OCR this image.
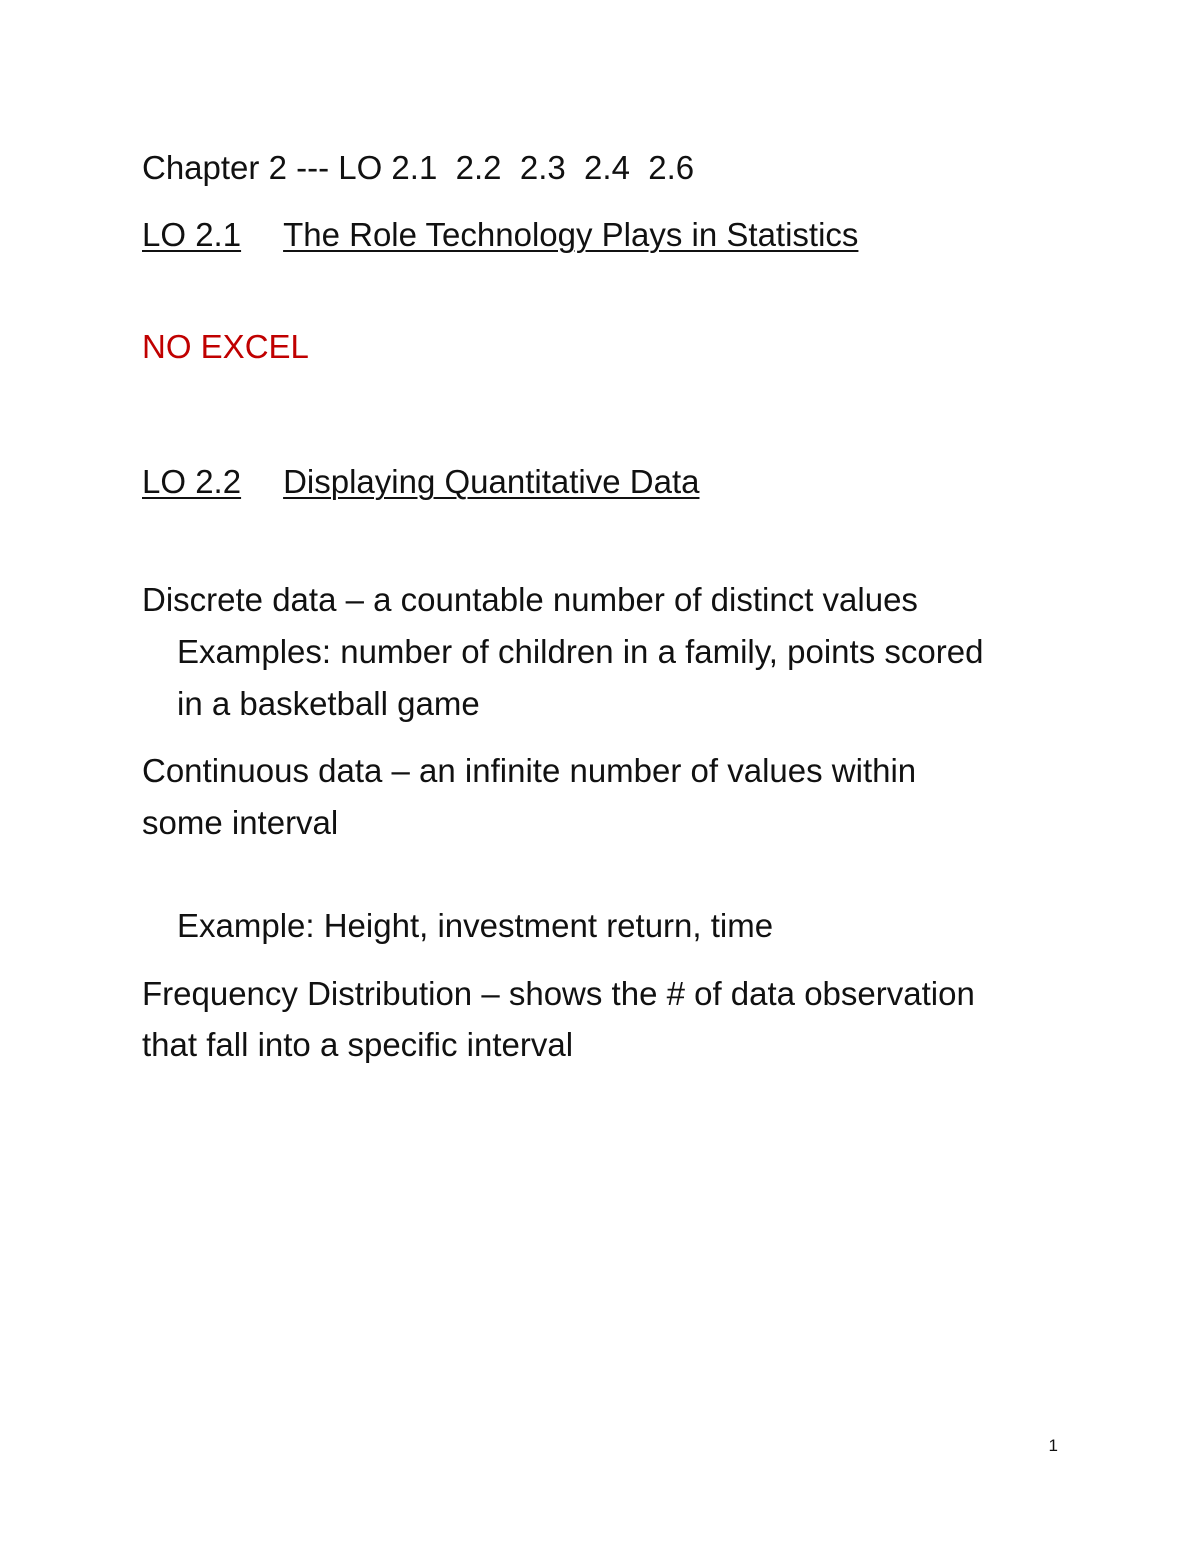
Chapter 2 --- LO 2.1  2.2  2.3  2.4  2.6
LO 2.1 The Role Technology Plays in Statistics
NO EXCEL
LO 2.2 Displaying Quantitative Data
Discrete data – a countable number of distinct values
Examples: number of children in a family, points scored
in a basketball game
Continuous data – an infinite number of values within
some interval
Example: Height, investment return, time
Frequency Distribution – shows the # of data observation
that fall into a specific interval
1
